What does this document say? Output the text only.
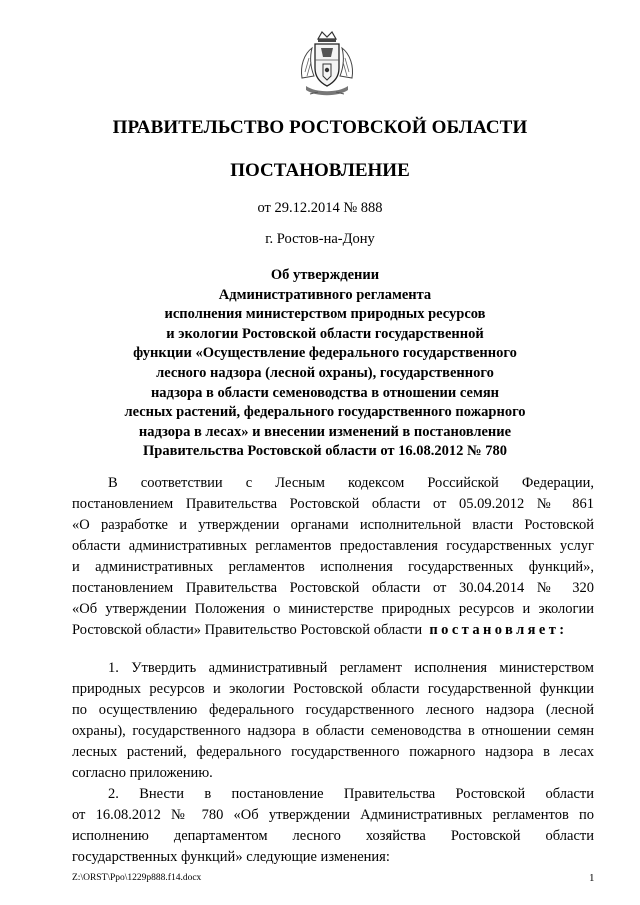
ПРАВИТЕЛЬСТВО РОСТОВСКОЙ ОБЛАСТИ
ПОСТАНОВЛЕНИЕ
от 29.12.2014 № 888
г. Ростов-на-Дону
Об утверждении
Административного регламента
исполнения министерством природных ресурсов
и экологии Ростовской области государственной
функции «Осуществление федерального государственного
лесного надзора (лесной охраны), государственного
надзора в области семеноводства в отношении семян
лесных растений, федерального государственного пожарного
надзора в лесах» и внесении изменений в постановление
Правительства Ростовской области от 16.08.2012 № 780
В соответствии с Лесным кодексом Российской Федерации,
постановлением Правительства Ростовской области от 05.09.2012 № 861
«О разработке и утверждении органами исполнительной власти Ростовской
области административных регламентов предоставления государственных услуг
и административных регламентов исполнения государственных функций»,
постановлением Правительства Ростовской области от 30.04.2014 № 320
«Об утверждении Положения о министерстве природных ресурсов и экологии
Ростовской области» Правительство Ростовской области постановляет:
1. Утвердить административный регламент исполнения министерством
природных ресурсов и экологии Ростовской области государственной функции
по осуществлению федерального государственного лесного надзора (лесной
охраны), государственного надзора в области семеноводства в отношении семян
лесных растений, федерального государственного пожарного надзора в лесах
согласно приложению.
2. Внести в постановление Правительства Ростовской области
от 16.08.2012 № 780 «Об утверждении Административных регламентов по
исполнению департаментом лесного хозяйства Ростовской области
государственных функций» следующие изменения:
Z:\ORST\Ppo\1229p888.f14.docx	1
